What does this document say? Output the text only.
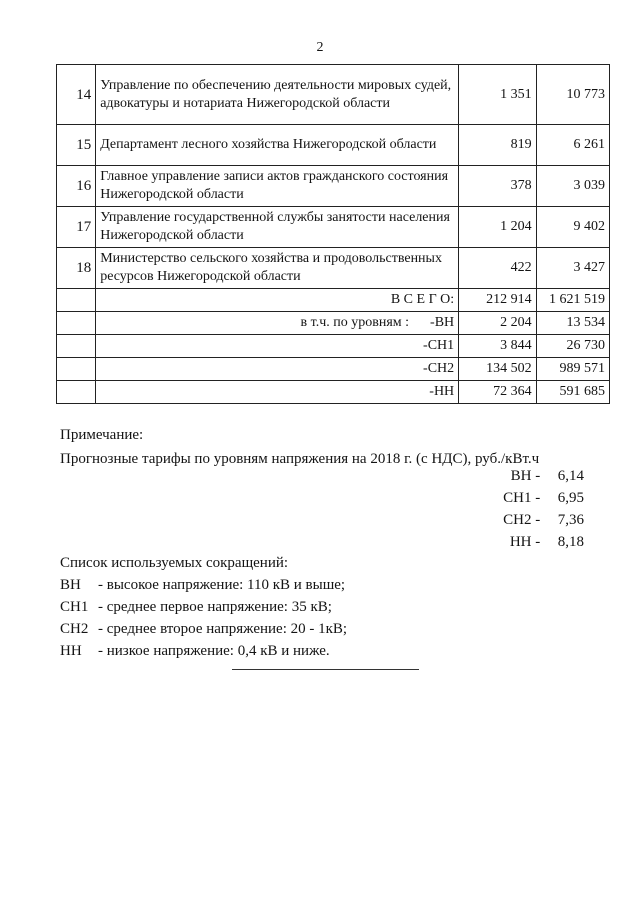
2
14	Управление по обеспечению деятельности мировых судей, адвокатуры и нотариата Нижегородской области	1 351	10 773
15	Департамент лесного хозяйства Нижегородской области	819	6 261
16	Главное управление записи актов гражданского состояния Нижегородской области	378	3 039
17	Управление государственной службы занятости населения Нижегородской области	1 204	9 402
18	Министерство сельского хозяйства и продовольственных ресурсов Нижегородской области	422	3 427
	В С Е Г О:	212 914	1 621 519
	в т.ч. по уровням :      -ВН	2 204	13 534
	-СН1	3 844	26 730
	-СН2	134 502	989 571
	-НН	72 364	591 685
Примечание:
Прогнозные тарифы по уровням напряжения на 2018 г. (с НДС), руб./кВт.ч
ВН - 6,14
СН1 - 6,95
СН2 - 7,36
НН - 8,18
Список используемых сокращений:
ВН - высокое напряжение: 110 кВ и выше;
СН1 - среднее первое напряжение: 35 кВ;
СН2 - среднее второе напряжение: 20 - 1кВ;
НН - низкое напряжение: 0,4 кВ и ниже.
